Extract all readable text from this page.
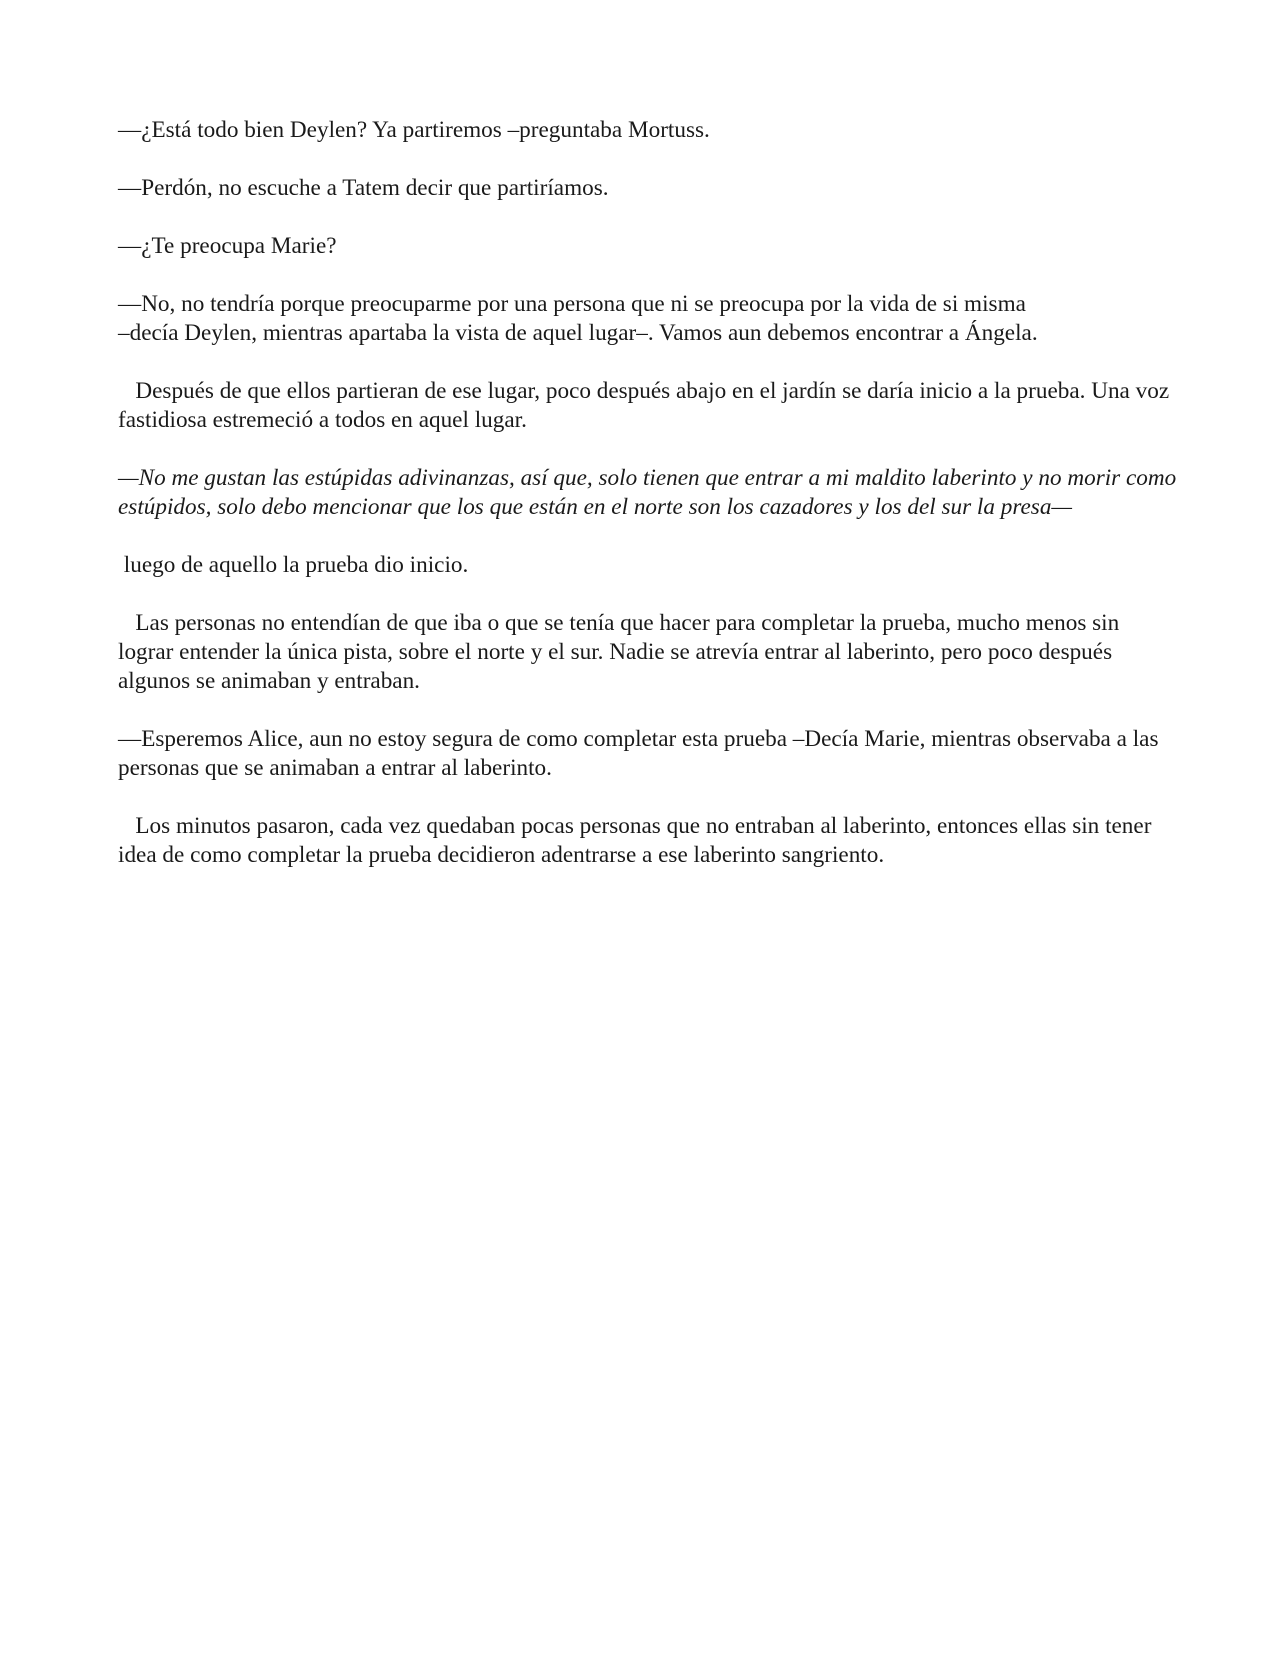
—¿Está todo bien Deylen? Ya partiremos –preguntaba Mortuss.

—Perdón, no escuche a Tatem decir que partiríamos.

—¿Te preocupa Marie?

—No, no tendría porque preocuparme por una persona que ni se preocupa por la vida de si misma
–decía Deylen, mientras apartaba la vista de aquel lugar–. Vamos aun debemos encontrar a Ángela.

Después de que ellos partieran de ese lugar, poco después abajo en el jardín se daría inicio a la prueba. Una voz fastidiosa estremeció a todos en aquel lugar.

—No me gustan las estúpidas adivinanzas, así que, solo tienen que entrar a mi maldito laberinto y no morir como estúpidos, solo debo mencionar que los que están en el norte son los cazadores y los del sur la presa—

luego de aquello la prueba dio inicio.

Las personas no entendían de que iba o que se tenía que hacer para completar la prueba, mucho menos sin lograr entender la única pista, sobre el norte y el sur. Nadie se atrevía entrar al laberinto, pero poco después algunos se animaban y entraban.

—Esperemos Alice, aun no estoy segura de como completar esta prueba –Decía Marie, mientras observaba a las personas que se animaban a entrar al laberinto.

Los minutos pasaron, cada vez quedaban pocas personas que no entraban al laberinto, entonces ellas sin tener idea de como completar la prueba decidieron adentrarse a ese laberinto sangriento.
